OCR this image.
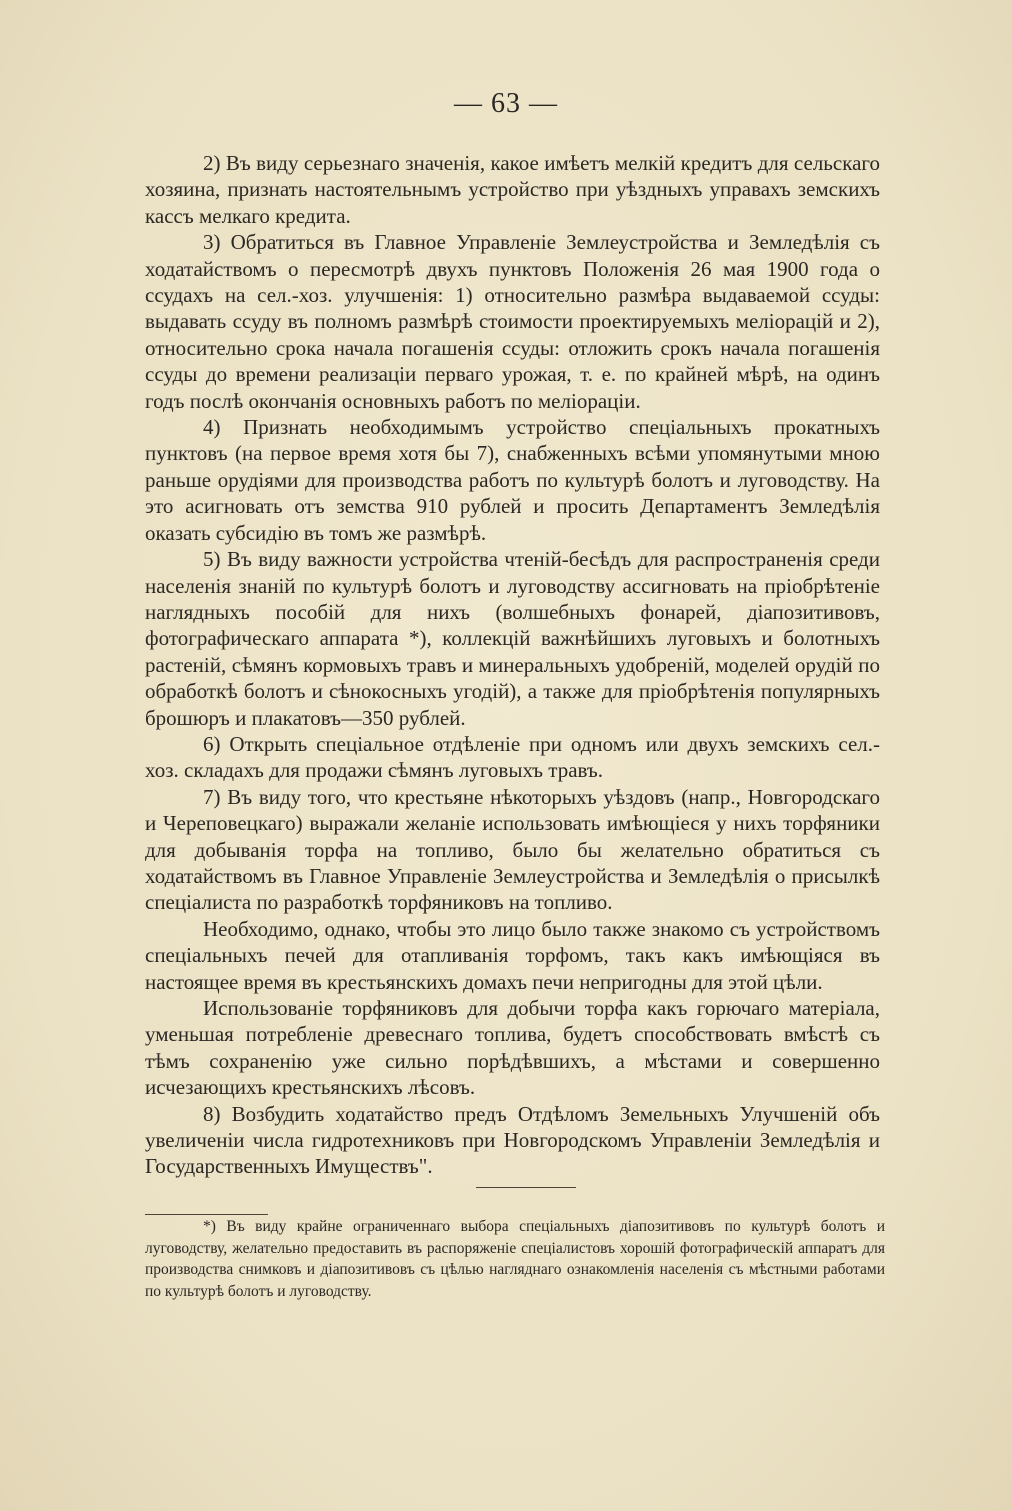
— 63 —

2) Въ виду серьезнаго значенія, какое имѣетъ мелкій кредитъ для сельскаго хозяина, признать настоятельнымъ устройство при уѣздныхъ управахъ земскихъ кассъ мелкаго кредита.

3) Обратиться въ Главное Управленіе Землеустройства и Земледѣлія съ ходатайствомъ о пересмотрѣ двухъ пунктовъ Положенія 26 мая 1900 года о ссудахъ на сел.-хоз. улучшенія: 1) относительно размѣра выдаваемой ссуды: выдавать ссуду въ полномъ размѣрѣ стоимости проектируемыхъ мелiорацій и 2), относительно срока начала погашенія ссуды: отложить срокъ начала погашенія ссуды до времени реализаціи перваго урожая, т. е. по крайней мѣрѣ, на одинъ годъ послѣ окончанія основныхъ работъ по мелiораціи.

4) Признать необходимымъ устройство спеціальныхъ прокатныхъ пунктовъ (на первое время хотя бы 7), снабженныхъ всѣми упомянутыми мною раньше орудіями для производства работъ по культурѣ болотъ и луговодству. На это асигновать отъ земства 910 рублей и просить Департаментъ Земледѣлія оказать субсидію въ томъ же размѣрѣ.

5) Въ виду важности устройства чтеній-бесѣдъ для распространенія среди населенія знаній по культурѣ болотъ и луговодству ассигновать на пріобрѣтеніе наглядныхъ пособій для нихъ (волшебныхъ фонарей, діапозитивовъ, фотографическаго аппарата *), коллекцій важнѣйшихъ луговыхъ и болотныхъ растеній, сѣмянъ кормовыхъ травъ и минеральныхъ удобреній, моделей орудій по обработкѣ болотъ и сѣнокосныхъ угодій), а также для пріобрѣтенія популярныхъ брошюръ и плакатовъ—350 рублей.

6) Открыть спеціальное отдѣленіе при одномъ или двухъ земскихъ сел.-хоз. складахъ для продажи сѣмянъ луговыхъ травъ.

7) Въ виду того, что крестьяне нѣкоторыхъ уѣздовъ (напр., Новгородскаго и Череповецкаго) выражали желаніе использовать имѣющіеся у нихъ торфяники для добыванія торфа на топливо, было бы желательно обратиться съ ходатайствомъ въ Главное Управленіе Землеустройства и Земледѣлія о присылкѣ спеціалиста по разработкѣ торфяниковъ на топливо.

Необходимо, однако, чтобы это лицо было также знакомо съ устройствомъ спеціальныхъ печей для отапливанія торфомъ, такъ какъ имѣющіяся въ настоящее время въ крестьянскихъ домахъ печи непригодны для этой цѣли.

Использованіе торфяниковъ для добычи торфа какъ горючаго матеріала, уменьшая потребленіе древеснаго топлива, будетъ способствовать вмѣстѣ съ тѣмъ сохраненію уже сильно порѣдѣвшихъ, а мѣстами и совершенно исчезающихъ крестьянскихъ лѣсовъ.

8) Возбудить ходатайство предъ Отдѣломъ Земельныхъ Улучшеній объ увеличеніи числа гидротехниковъ при Новгородскомъ Управленіи Земледѣлія и Государственныхъ Имуществъ".

*) Въ виду крайне ограниченнаго выбора спеціальныхъ діапозитивовъ по культурѣ болотъ и луговодству, желательно предоставить въ распоряженіе спеціалистовъ хорошій фотографическій аппаратъ для производства снимковъ и діапозитивовъ съ цѣлью нагляднаго ознакомленія населенія съ мѣстными работами по культурѣ болотъ и луговодству.
